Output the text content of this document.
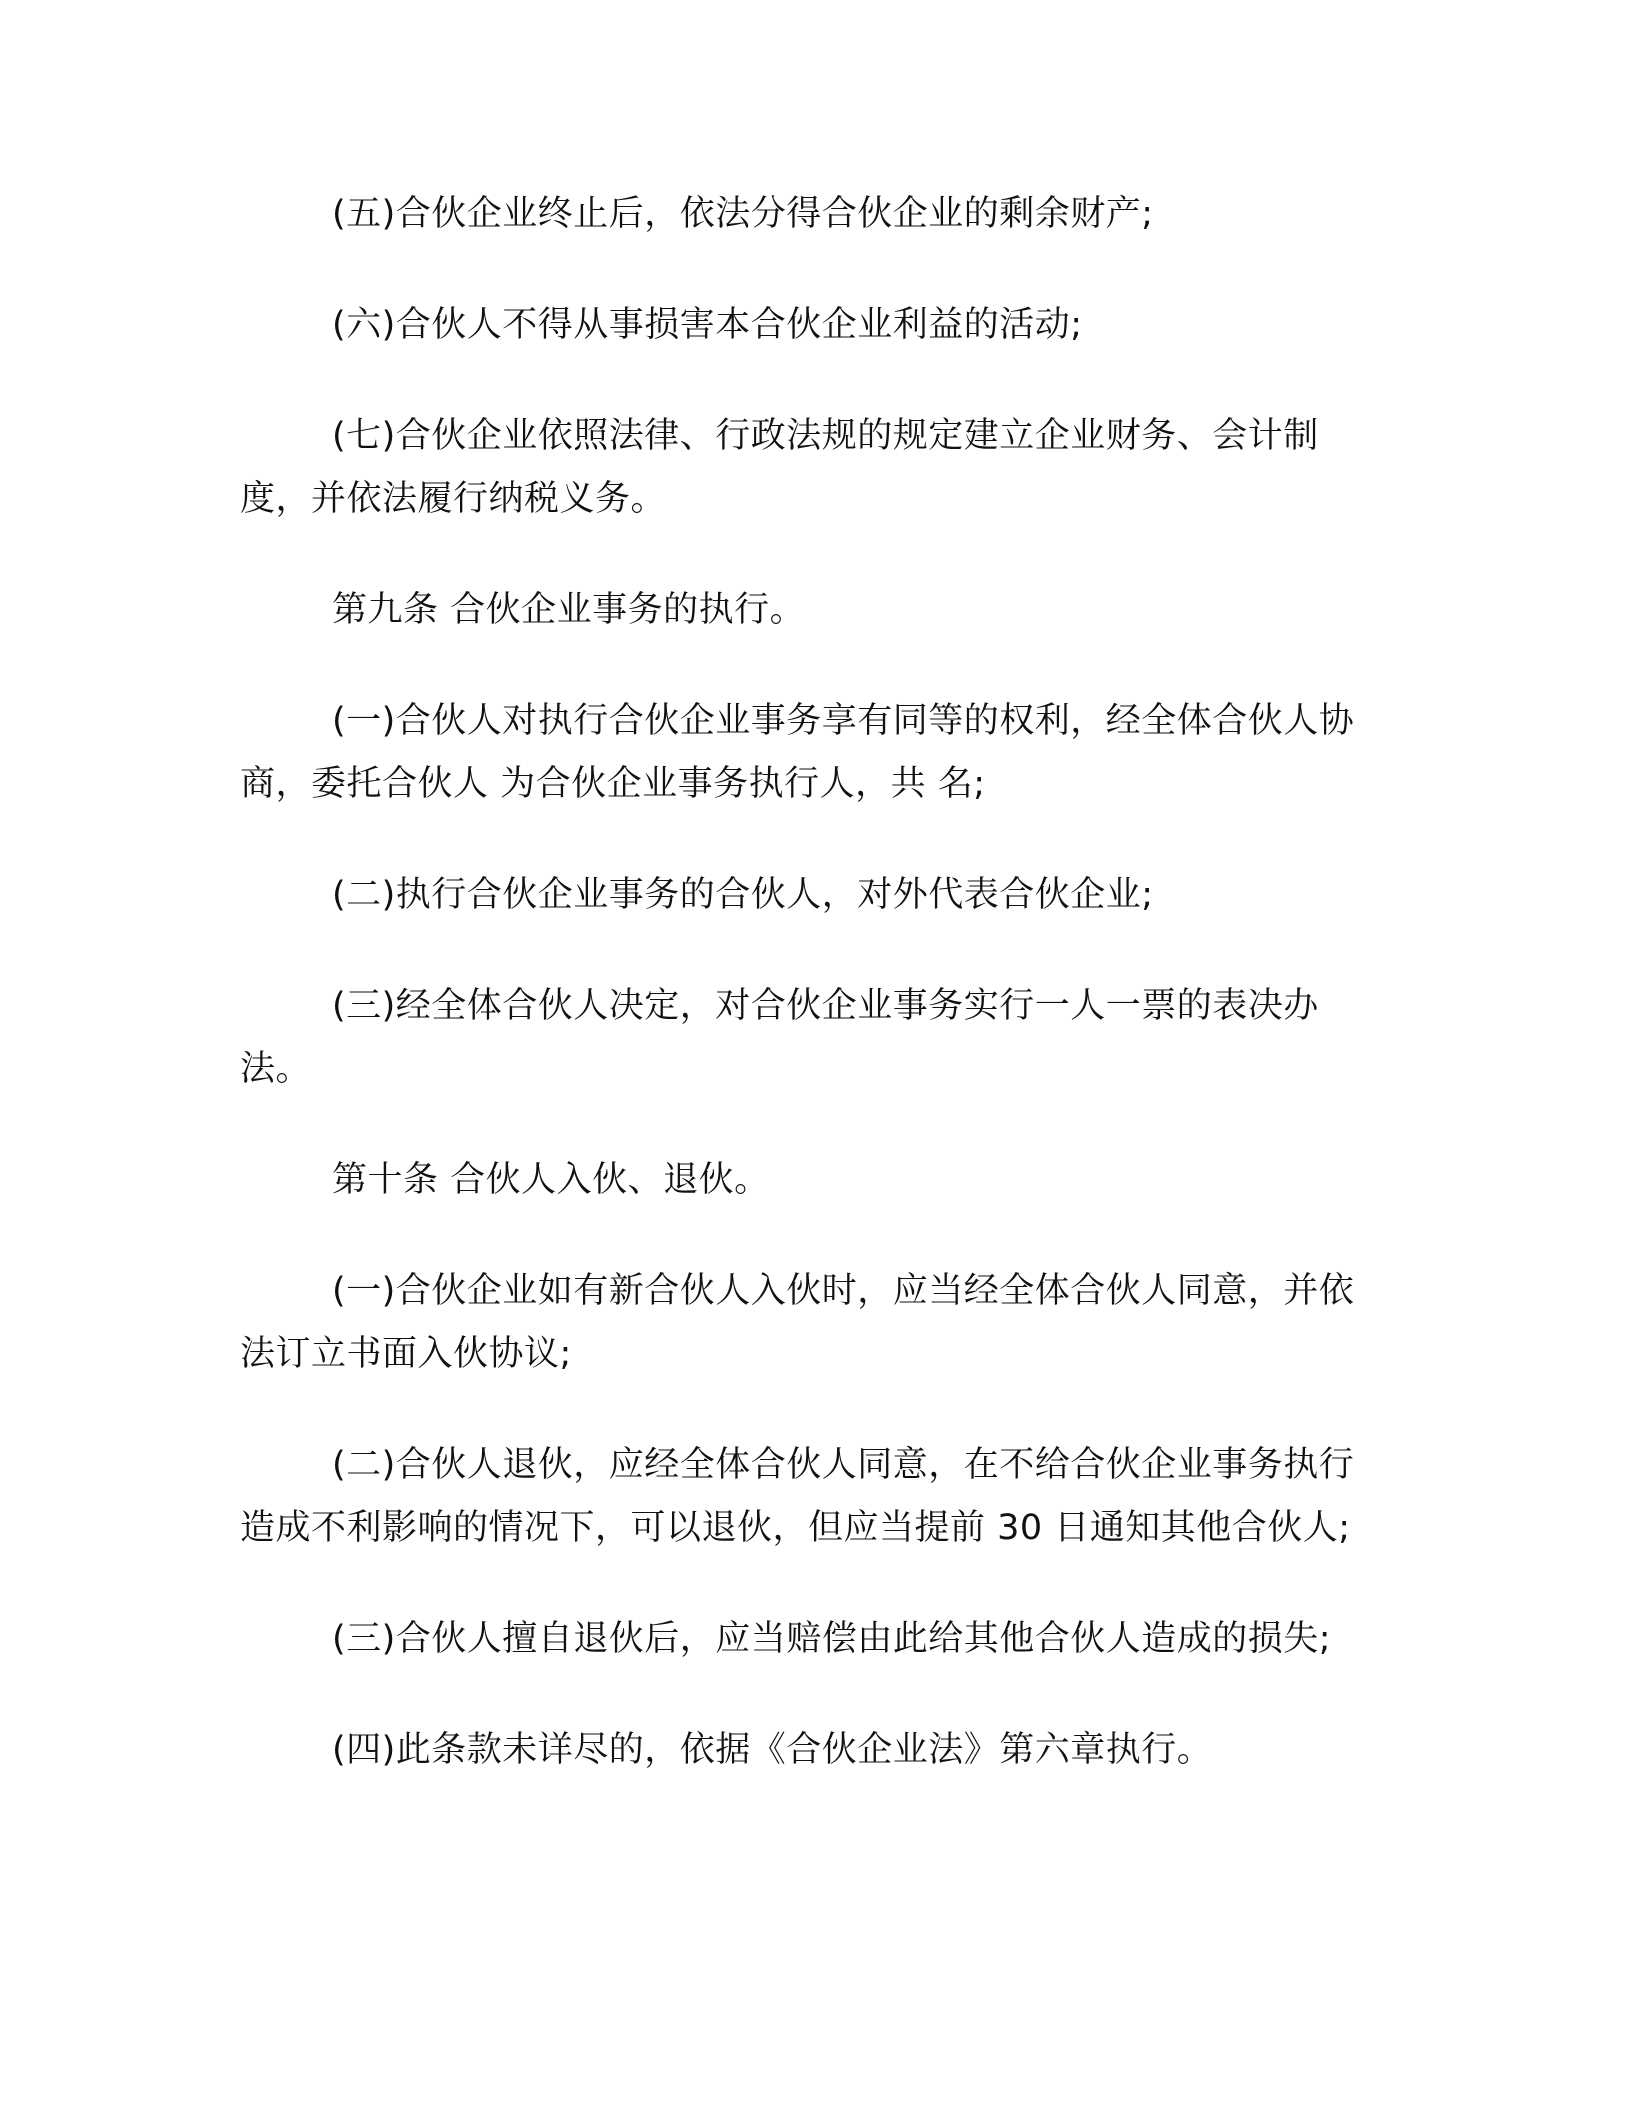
(五)合伙企业终止后，依法分得合伙企业的剩余财产;

(六)合伙人不得从事损害本合伙企业利益的活动;

(七)合伙企业依照法律、行政法规的规定建立企业财务、会计制度，并依法履行纳税义务。

第九条 合伙企业事务的执行。

(一)合伙人对执行合伙企业事务享有同等的权利，经全体合伙人协商，委托合伙人 为合伙企业事务执行人，共 名;

(二)执行合伙企业事务的合伙人，对外代表合伙企业;

(三)经全体合伙人决定，对合伙企业事务实行一人一票的表决办法。

第十条 合伙人入伙、退伙。

(一)合伙企业如有新合伙人入伙时，应当经全体合伙人同意，并依法订立书面入伙协议;

(二)合伙人退伙，应经全体合伙人同意，在不给合伙企业事务执行造成不利影响的情况下，可以退伙，但应当提前 30 日通知其他合伙人;

(三)合伙人擅自退伙后，应当赔偿由此给其他合伙人造成的损失;

(四)此条款未详尽的，依据《合伙企业法》第六章执行。
